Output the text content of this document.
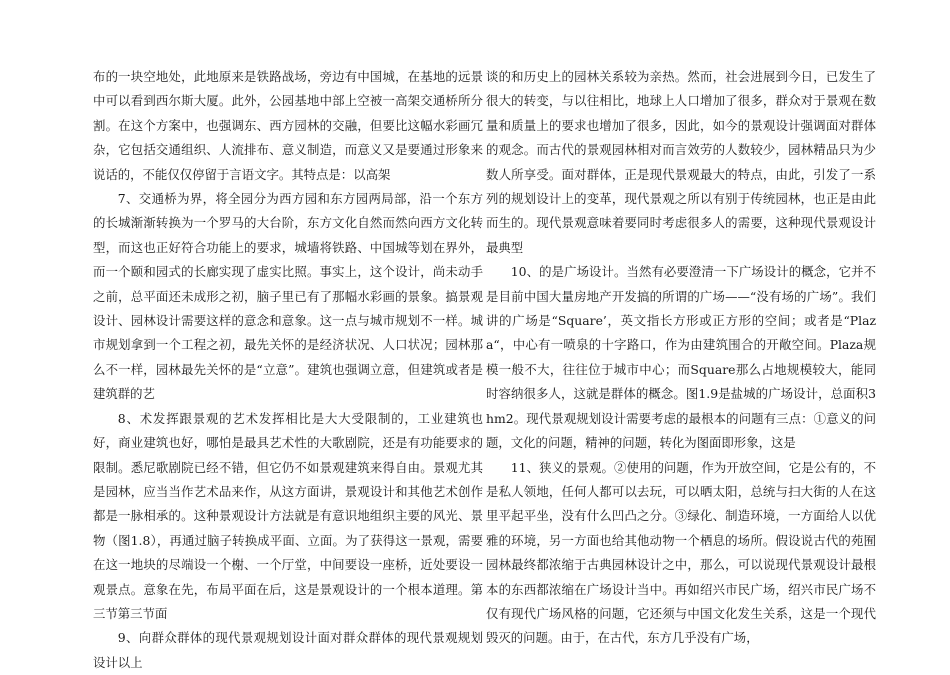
布的一块空地处，此地原来是铁路战场，旁边有中国城，在基地的远景中可以看到西尔斯大厦。此外，公园基地中部上空被一高架交通桥所分割。在这个方案中，也强调东、西方园林的交融，但要比这幅水彩画冗杂，它包括交通组织、人流排布、意义制造，而意义又是要通过形象来说话的，不能仅仅停留于言语文字。其特点是：以高架

7、交通桥为界，将全园分为西方园和东方园两局部，沿一个东方的长城渐渐转换为一个罗马的大台阶，东方文化自然而然向西方文化转型，而这也正好符合功能上的要求，城墙将铁路、中国城等划在界外，而一个颐和园式的长廊实现了虚实比照。事实上，这个设计，尚未动手之前，总平面还未成形之初，脑子里已有了那幅水彩画的景象。搞景观设计、园林设计需要这样的意念和意象。这一点与城市规划不一样。城市规划拿到一个工程之初，最先关怀的是经济状况、人口状况；园林那么不一样，园林最先关怀的是“立意”。建筑也强调立意，但建筑或者是建筑群的艺

8、术发挥跟景观的艺术发挥相比是大大受限制的，工业建筑也好，商业建筑也好，哪怕是最具艺术性的大歌剧院，还是有功能要求的限制。悉尼歌剧院已经不错，但它仍不如景观建筑来得自由。景观尤其是园林，应当当作艺术品来作，从这方面讲，景观设计和其他艺术创作都是一脉相承的。这种景观设计方法就是有意识地组织主要的风光、景物（图1.8），再通过脑子转换成平面、立面。为了获得这一景观，需要在这一地块的尽端设一个榭、一个厅堂，中间要设一座桥，近处要设一观景点。意象在先，布局平面在后，这是景观设计的一个根本道理。第三节第三节面

9、向群众群体的现代景观规划设计面对群众群体的现代景观规划设计以上

谈的和历史上的园林关系较为亲热。然而，社会进展到今日，已发生了很大的转变，与以往相比，地球上人口增加了很多，群众对于景观在数量和质量上的要求也增加了很多，因此，如今的景观设计强调面对群体的观念。而古代的景观园林相对而言效劳的人数较少，园林精品只为少数人所享受。面对群体，正是现代景观最大的特点，由此，引发了一系列的规划设计上的变革，现代景观之所以有别于传统园林，也正是由此而生的。现代景观意味着要同时考虑很多人的需要，这种现代景观设计最典型

10、的是广场设计。当然有必要澄清一下广场设计的概念，它并不是目前中国大量房地产开发搞的所谓的广场——“没有场的广场”。我们讲的广场是“Square’，英文指长方形或正方形的空间；或者是“Plaza“，中心有一喷泉的十字路口，作为由建筑围合的开敞空间。Plaza规模一般不大，往往位于城市中心；而Square那么占地规模较大，能同时容纳很多人，这就是群体的概念。图1.9是盐城的广场设计，总面积3hm2。现代景观规划设计需要考虑的最根本的问题有三点：①意义的问题，文化的问题，精神的问题，转化为图面即形象，这是

11、狭义的景观。②使用的问题，作为开放空间，它是公有的，不是私人领地，任何人都可以去玩，可以晒太阳，总统与扫大街的人在这里平起平坐，没有什么凹凸之分。③绿化、制造环境，一方面给人以优雅的环境，另一方面也给其他动物一个栖息的场所。假设说古代的苑囿园林最终都浓缩于古典园林设计之中，那么，可以说现代景观设计最根本的东西都浓缩在广场设计当中。再如绍兴市民广场，绍兴市民广场不仅有现代广场风格的问题，它还须与中国文化发生关系，这是一个现代毁灭的问题。由于，在古代，东方几乎没有广场，
